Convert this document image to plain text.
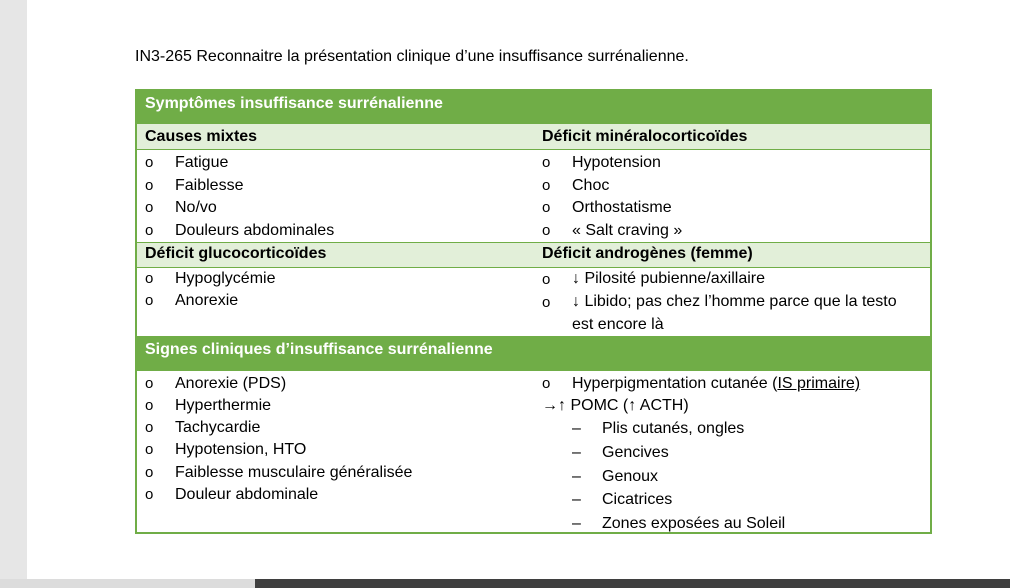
IN3-265 Reconnaitre la présentation clinique d’une insuffisance surrénalienne.
Symptômes insuffisance surrénalienne
Causes mixtes	Déficit minéralocorticoïdes
o Fatigue
o Faiblesse
o No/vo
o Douleurs abdominales
o Hypotension
o Choc
o Orthostatisme
o « Salt craving »
Déficit glucocorticoïdes	Déficit androgènes (femme)
o Hypoglycémie
o Anorexie
o ↓ Pilosité pubienne/axillaire
o ↓ Libido; pas chez l’homme parce que la testo
est encore là
Signes cliniques d’insuffisance surrénalienne
o Anorexie (PDS)
o Hyperthermie
o Tachycardie
o Hypotension, HTO
o Faiblesse musculaire généralisée
o Douleur abdominale
o Hyperpigmentation cutanée (IS primaire)
→↑ POMC (↑ ACTH)
– Plis cutanés, ongles
– Gencives
– Genoux
– Cicatrices
– Zones exposées au Soleil
